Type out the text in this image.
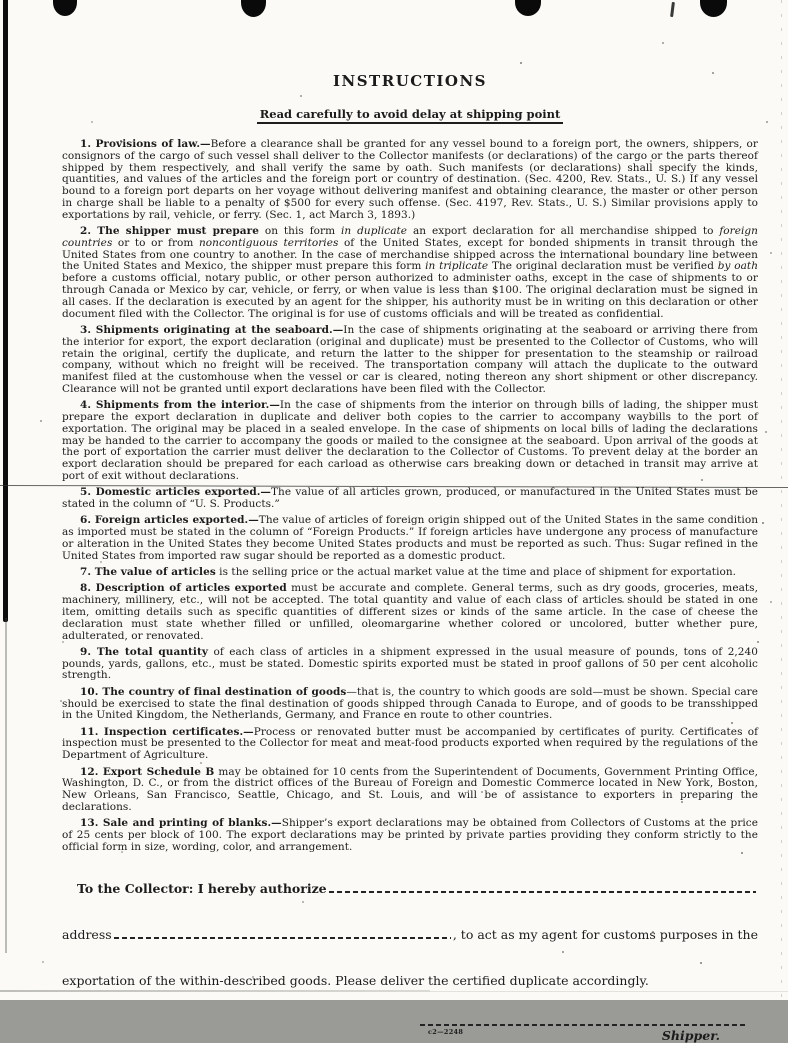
INSTRUCTIONS
Read carefully to avoid delay at shipping point

1. Provisions of law.—Before a clearance shall be granted for any vessel bound to a foreign port, the owners, shippers, or consignors of the cargo of such vessel shall deliver to the Collector manifests (or declarations) of the cargo or the parts thereof shipped by them respectively, and shall verify the same by oath. Such manifests (or declarations) shall specify the kinds, quantities, and values of the articles and the foreign port or country of destination. (Sec. 4200, Rev. Stats., U. S.) If any vessel bound to a foreign port departs on her voyage without delivering manifest and obtaining clearance, the master or other person in charge shall be liable to a penalty of $500 for every such offense. (Sec. 4197, Rev. Stats., U. S.) Similar provisions apply to exportations by rail, vehicle, or ferry. (Sec. 1, act March 3, 1893.)

2. The shipper must prepare on this form in duplicate an export declaration for all merchandise shipped to foreign countries or to or from noncontiguous territories of the United States, except for bonded shipments in transit through the United States from one country to another. In the case of merchandise shipped across the international boundary line between the United States and Mexico, the shipper must prepare this form in triplicate The original declaration must be verified by oath before a customs official, notary public, or other person authorized to administer oaths, except in the case of shipments to or through Canada or Mexico by car, vehicle, or ferry, or when value is less than $100. The original declaration must be signed in all cases. If the declaration is executed by an agent for the shipper, his authority must be in writing on this declaration or other document filed with the Collector. The original is for use of customs officials and will be treated as confidential.

3. Shipments originating at the seaboard.—In the case of shipments originating at the seaboard or arriving there from the interior for export, the export declaration (original and duplicate) must be presented to the Collector of Customs, who will retain the original, certify the duplicate, and return the latter to the shipper for presentation to the steamship or railroad company, without which no freight will be received. The transportation company will attach the duplicate to the outward manifest filed at the customhouse when the vessel or car is cleared, noting thereon any short shipment or other discrepancy. Clearance will not be granted until export declarations have been filed with the Collector.

4. Shipments from the interior.—In the case of shipments from the interior on through bills of lading, the shipper must prepare the export declaration in duplicate and deliver both copies to the carrier to accompany waybills to the port of exportation. The original may be placed in a sealed envelope. In the case of shipments on local bills of lading the declarations may be handed to the carrier to accompany the goods or mailed to the consignee at the seaboard. Upon arrival of the goods at the port of exportation the carrier must deliver the declaration to the Collector of Customs. To prevent delay at the border an export declaration should be prepared for each carload as otherwise cars breaking down or detached in transit may arrive at port of exit without declarations.

5. Domestic articles exported.—The value of all articles grown, produced, or manufactured in the United States must be stated in the column of “U. S. Products.”

6. Foreign articles exported.—The value of articles of foreign origin shipped out of the United States in the same condition as imported must be stated in the column of “Foreign Products.” If foreign articles have undergone any process of manufacture or alteration in the United States they become United States products and must be reported as such. Thus: Sugar refined in the United States from imported raw sugar should be reported as a domestic product.

7. The value of articles is the selling price or the actual market value at the time and place of shipment for exportation.

8. Description of articles exported must be accurate and complete. General terms, such as dry goods, groceries, meats, machinery, millinery, etc., will not be accepted. The total quantity and value of each class of articles should be stated in one item, omitting details such as specific quantities of different sizes or kinds of the same article. In the case of cheese the declaration must state whether filled or unfilled, oleomargarine whether colored or uncolored, butter whether pure, adulterated, or renovated.

9. The total quantity of each class of articles in a shipment expressed in the usual measure of pounds, tons of 2,240 pounds, yards, gallons, etc., must be stated. Domestic spirits exported must be stated in proof gallons of 50 per cent alcoholic strength.

10. The country of final destination of goods—that is, the country to which goods are sold—must be shown. Special care should be exercised to state the final destination of goods shipped through Canada to Europe, and of goods to be transshipped in the United Kingdom, the Netherlands, Germany, and France en route to other countries.

11. Inspection certificates.—Process or renovated butter must be accompanied by certificates of purity. Certificates of inspection must be presented to the Collector for meat and meat-food products exported when required by the regulations of the Department of Agriculture.

12. Export Schedule B may be obtained for 10 cents from the Superintendent of Documents, Government Printing Office, Washington, D. C., or from the district offices of the Bureau of Foreign and Domestic Commerce located in New York, Boston, New Orleans, San Francisco, Seattle, Chicago, and St. Louis, and will be of assistance to exporters in preparing the declarations.

13. Sale and printing of blanks.—Shipper’s export declarations may be obtained from Collectors of Customs at the price of 25 cents per block of 100. The export declarations may be printed by private parties providing they conform strictly to the official form in size, wording, color, and arrangement.

To the Collector: I hereby authorize
address	, to act as my agent for customs purposes in the
exportation of the within-described goods. Please deliver the certified duplicate accordingly.
c2—2248	Shipper.
